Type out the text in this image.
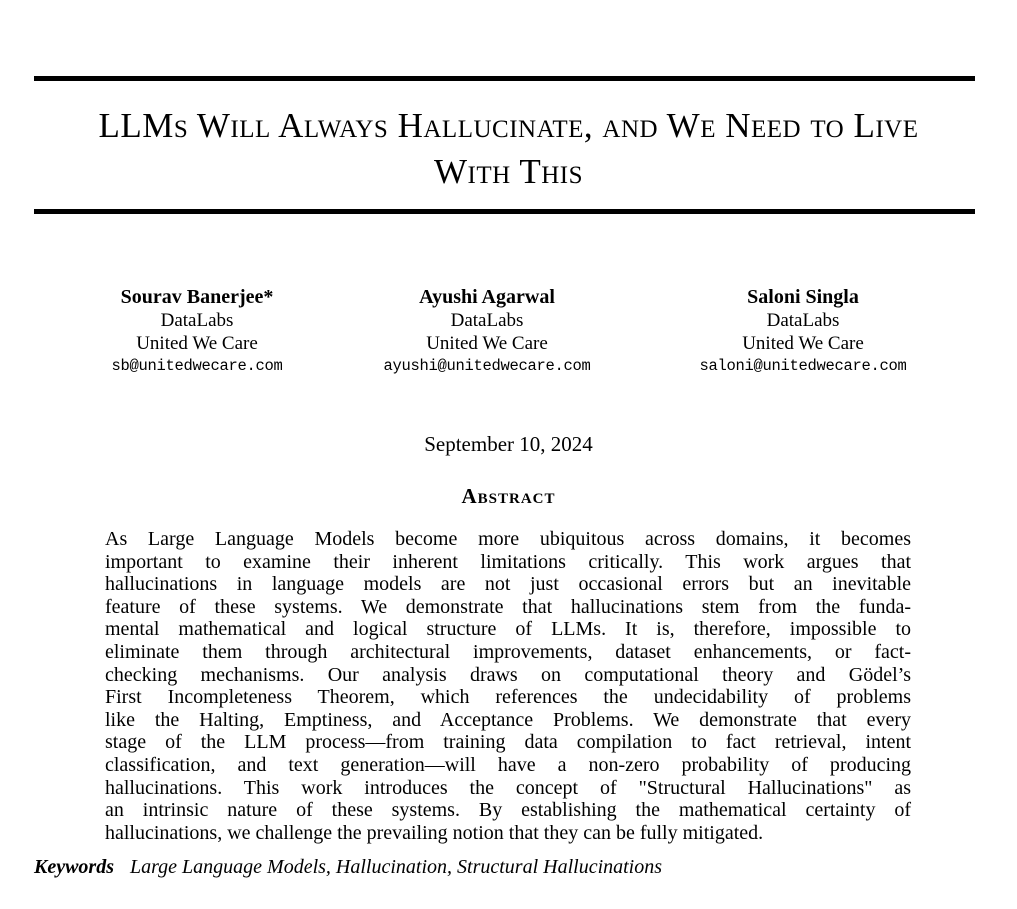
LLMs Will Always Hallucinate, and We Need to Live
With This
Sourav Banerjee*
DataLabs
United We Care
sb@unitedwecare.com
Ayushi Agarwal
DataLabs
United We Care
ayushi@unitedwecare.com
Saloni Singla
DataLabs
United We Care
saloni@unitedwecare.com
September 10, 2024
Abstract
As Large Language Models become more ubiquitous across domains, it becomes
important to examine their inherent limitations critically. This work argues that
hallucinations in language models are not just occasional errors but an inevitable
feature of these systems. We demonstrate that hallucinations stem from the funda-
mental mathematical and logical structure of LLMs. It is, therefore, impossible to
eliminate them through architectural improvements, dataset enhancements, or fact-
checking mechanisms. Our analysis draws on computational theory and Gödel’s
First Incompleteness Theorem, which references the undecidability of problems
like the Halting, Emptiness, and Acceptance Problems. We demonstrate that every
stage of the LLM process—from training data compilation to fact retrieval, intent
classification, and text generation—will have a non-zero probability of producing
hallucinations. This work introduces the concept of "Structural Hallucinations" as
an intrinsic nature of these systems. By establishing the mathematical certainty of
hallucinations, we challenge the prevailing notion that they can be fully mitigated.
Keywords Large Language Models, Hallucination, Structural Hallucinations
